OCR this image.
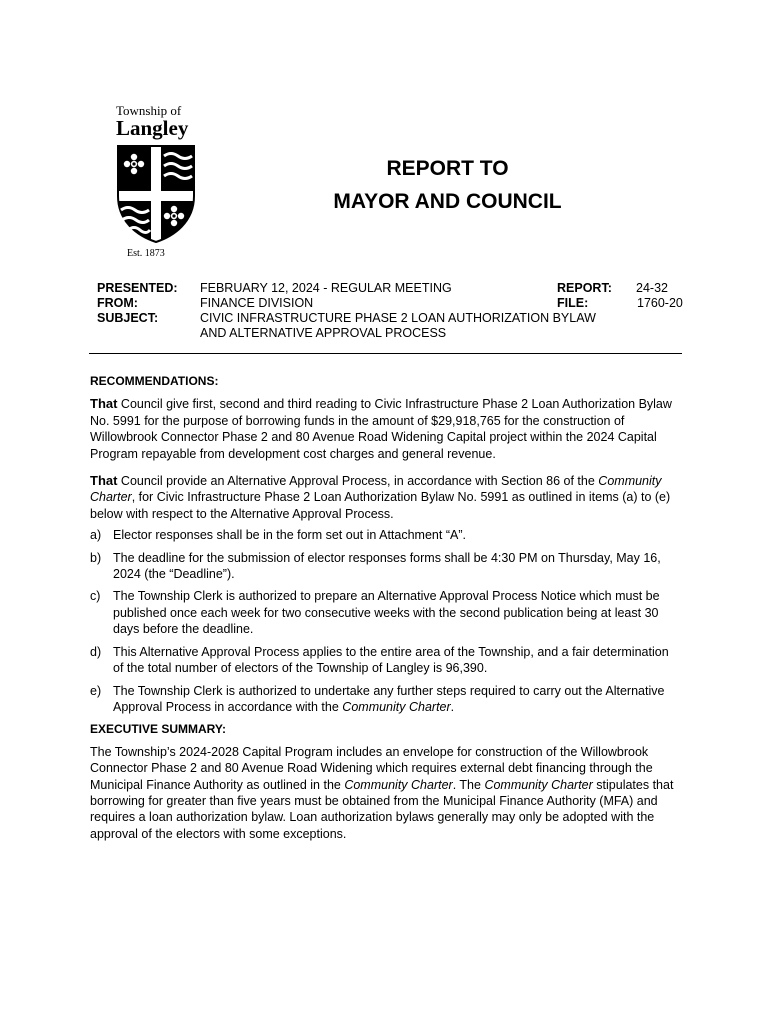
Township of
Langley
Est. 1873
REPORT TO
MAYOR AND COUNCIL
PRESENTED: FEBRUARY 12, 2024 - REGULAR MEETING	REPORT: 24-32
FROM:	FINANCE DIVISION	FILE:	1760-20
SUBJECT:	CIVIC INFRASTRUCTURE PHASE 2 LOAN AUTHORIZATION BYLAW
AND ALTERNATIVE APPROVAL PROCESS
RECOMMENDATIONS:

That Council give first, second and third reading to Civic Infrastructure Phase 2 Loan Authorization Bylaw No. 5991 for the purpose of borrowing funds in the amount of $29,918,765 for the construction of Willowbrook Connector Phase 2 and 80 Avenue Road Widening Capital project within the 2024 Capital Program repayable from development cost charges and general revenue.

That Council provide an Alternative Approval Process, in accordance with Section 86 of the Community Charter, for Civic Infrastructure Phase 2 Loan Authorization Bylaw No. 5991 as outlined in items (a) to (e) below with respect to the Alternative Approval Process.

a) Elector responses shall be in the form set out in Attachment “A”.
b) The deadline for the submission of elector responses forms shall be 4:30 PM on Thursday, May 16, 2024 (the “Deadline”).
c)	The Township Clerk is authorized to prepare an Alternative Approval Process Notice which must be published once each week for two consecutive weeks with the second publication being at least 30 days before the deadline.
d) This Alternative Approval Process applies to the entire area of the Township, and a fair determination of the total number of electors of the Township of Langley is 96,390.
e) The Township Clerk is authorized to undertake any further steps required to carry out the Alternative Approval Process in accordance with the Community Charter.
EXECUTIVE SUMMARY:

The Township’s 2024-2028 Capital Program includes an envelope for construction of the Willowbrook Connector Phase 2 and 80 Avenue Road Widening which requires external debt financing through the Municipal Finance Authority as outlined in the Community Charter. The Community Charter stipulates that borrowing for greater than five years must be obtained from the Municipal Finance Authority (MFA) and requires a loan authorization bylaw. Loan authorization bylaws generally may only be adopted with the approval of the electors with some exceptions.
